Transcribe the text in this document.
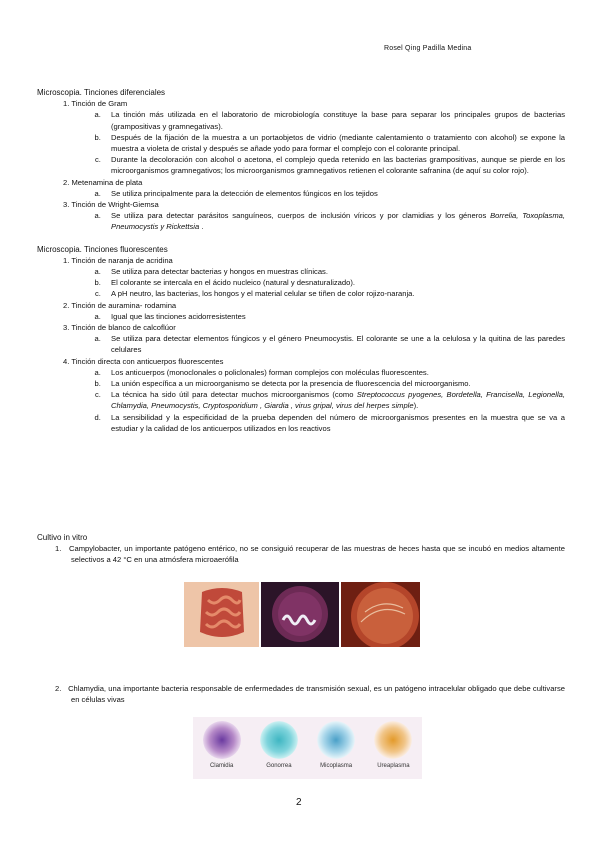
Rosel Qing Padilla Medina

Microscopia. Tinciones diferenciales

1. Tinción de Gram
a. La tinción más utilizada en el laboratorio de microbiología constituye la base para separar los principales grupos de bacterias (grampositivas y gramnegativas).
b. Después de la fijación de la muestra a un portaobjetos de vidrio (mediante calentamiento o tratamiento con alcohol) se expone la muestra a violeta de cristal y después se añade yodo para formar el complejo con el colorante principal.
c. Durante la decoloración con alcohol o acetona, el complejo queda retenido en las bacterias grampositivas, aunque se pierde en los microorganismos gramnegativos; los microorganismos gramnegativos retienen el colorante safranina (de aquí su color rojo).
2. Metenamina de plata
a. Se utiliza principalmente para la detección de elementos fúngicos en los tejidos
3. Tinción de Wright-Giemsa
a. Se utiliza para detectar parásitos sanguíneos, cuerpos de inclusión víricos y por clamidias y los géneros Borrelia, Toxoplasma, Pneumocystis y Rickettsia .

Microscopia. Tinciones fluorescentes

1. Tinción de naranja de acridina
a. Se utiliza para detectar bacterias y hongos en muestras clínicas.
b. El colorante se intercala en el ácido nucleico (natural y desnaturalizado).
c. A pH neutro, las bacterias, los hongos y el material celular se tiñen de color rojizo-naranja.
2. Tinción de auramina- rodamina
a. Igual que las tinciones acidorresistentes
3. Tinción de blanco de calcoflúor
a. Se utiliza para detectar elementos fúngicos y el género Pneumocystis. El colorante se une a la celulosa y la quitina de las paredes celulares
4. Tinción directa con anticuerpos fluorescentes
a. Los anticuerpos (monoclonales o policlonales) forman complejos con moléculas fluorescentes.
b. La unión específica a un microorganismo se detecta por la presencia de fluorescencia del microorganismo.
c. La técnica ha sido útil para detectar muchos microorganismos (como Streptococcus pyogenes, Bordetella, Francisella, Legionella, Chlamydia, Pneumocystis, Cryptosporidium , Giardia , virus gripal, virus del herpes simple).
d. La sensibilidad y la especificidad de la prueba dependen del número de microorganismos presentes en la muestra que se va a estudiar y la calidad de los anticuerpos utilizados en los reactivos

Cultivo in vitro

1. Campylobacter, un importante patógeno entérico, no se consiguió recuperar de las muestras de heces hasta que se incubó en medios altamente selectivos a 42 °C en una atmósfera microaerófila

2. Chlamydia, una importante bacteria responsable de enfermedades de transmisión sexual, es un patógeno intracelular obligado que debe cultivarse en células vivas

Clamidia	Gonorrea	Micoplasma	Ureaplasma
2
